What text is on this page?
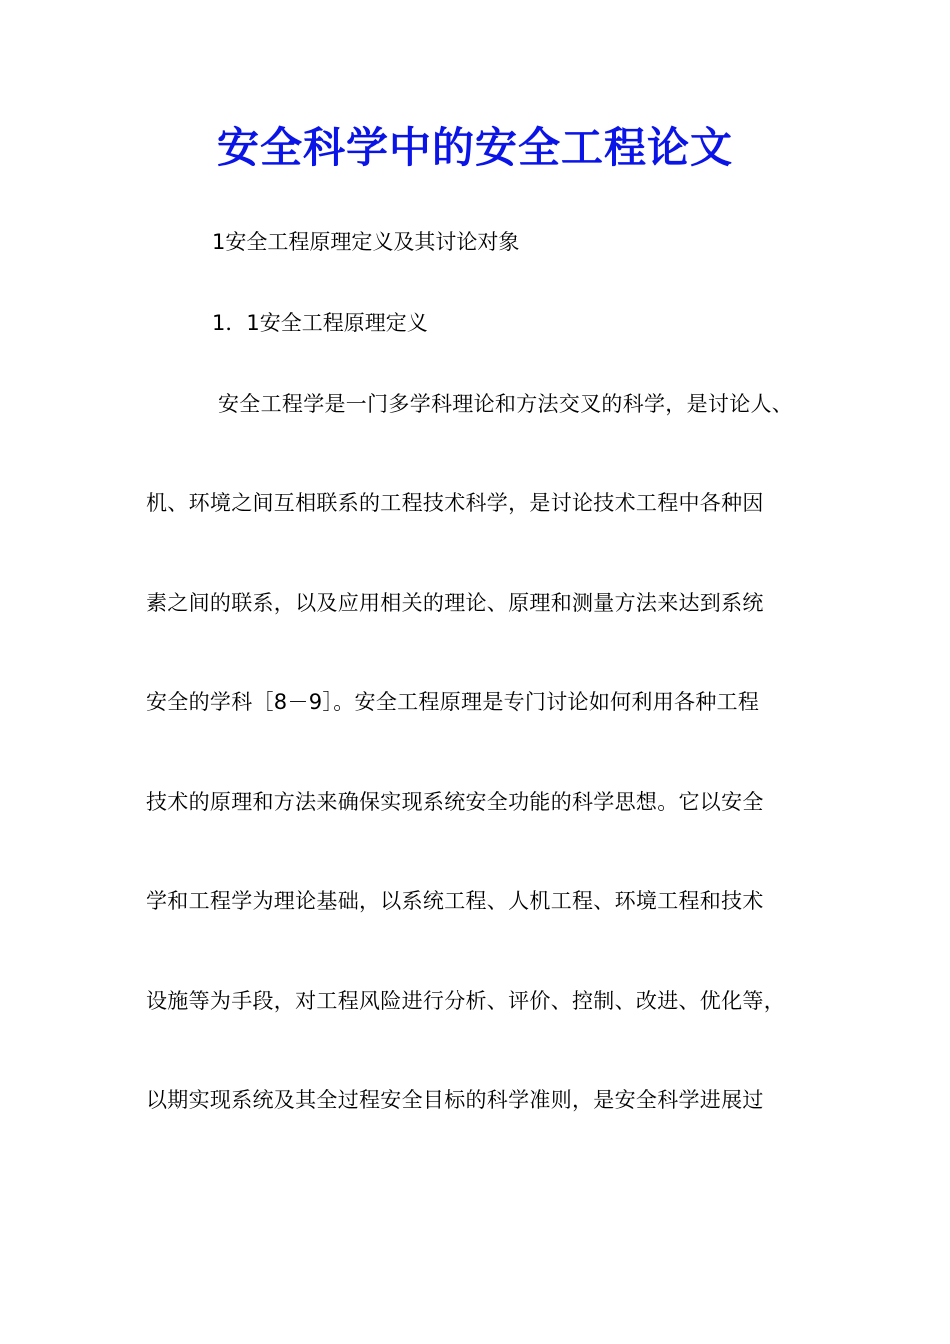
安全科学中的安全工程论文
1安全工程原理定义及其讨论对象
1．1安全工程原理定义
安全工程学是一门多学科理论和方法交叉的科学，是讨论人、
机、环境之间互相联系的工程技术科学，是讨论技术工程中各种因
素之间的联系，以及应用相关的理论、原理和测量方法来达到系统
安全的学科［8－9］。安全工程原理是专门讨论如何利用各种工程
技术的原理和方法来确保实现系统安全功能的科学思想。它以安全
学和工程学为理论基础，以系统工程、人机工程、环境工程和技术
设施等为手段，对工程风险进行分析、评价、控制、改进、优化等，
以期实现系统及其全过程安全目标的科学准则，是安全科学进展过
